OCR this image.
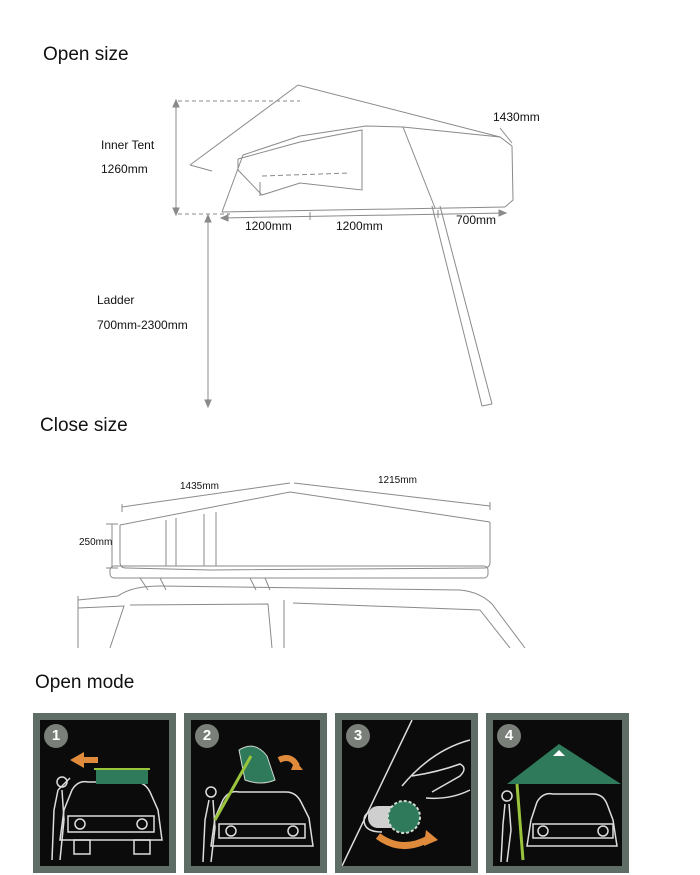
Open size
Close size
Open mode
Inner Tent
1260mm
1430mm
1200mm	1200mm	700mm
Ladder
700mm-2300mm
1435mm
1215mm
250mm
1	2	3	4
